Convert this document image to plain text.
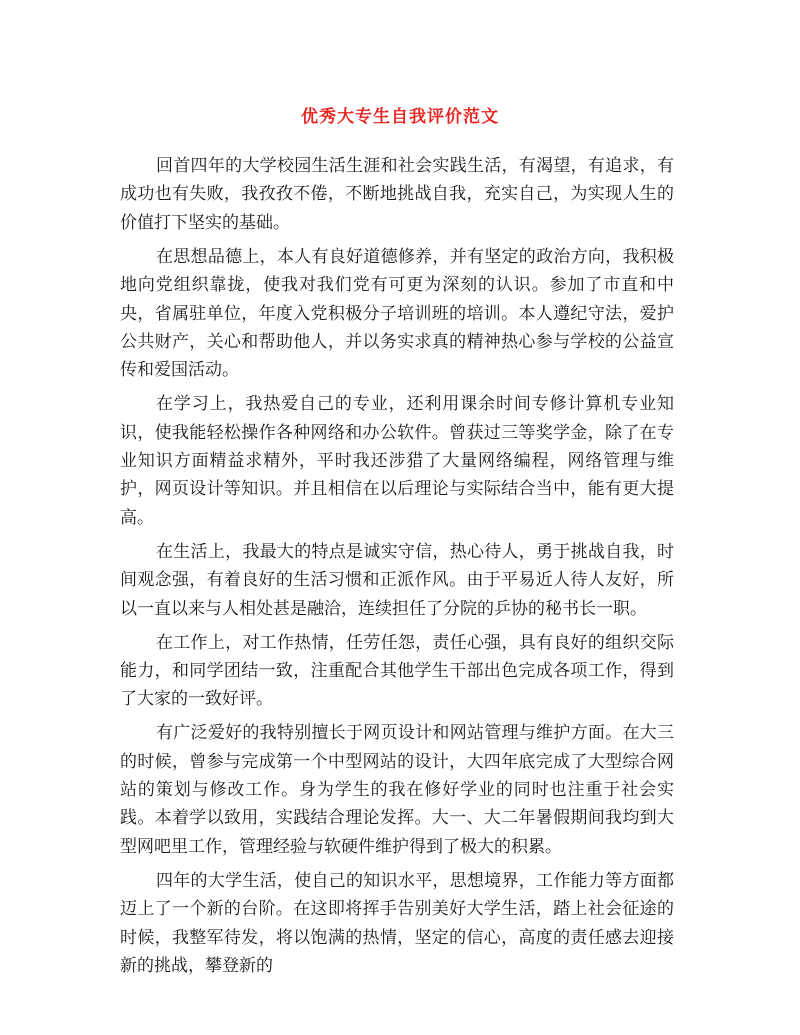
优秀大专生自我评价范文

回首四年的大学校园生活生涯和社会实践生活，有渴望，有追求，有成功也有失败，我孜孜不倦，不断地挑战自我，充实自己，为实现人生的价值打下坚实的基础。

在思想品德上，本人有良好道德修养，并有坚定的政治方向，我积极地向党组织靠拢，使我对我们党有可更为深刻的认识。参加了市直和中央，省属驻单位，年度入党积极分子培训班的培训。本人遵纪守法，爱护公共财产，关心和帮助他人，并以务实求真的精神热心参与学校的公益宣传和爱国活动。

在学习上，我热爱自己的专业，还利用课余时间专修计算机专业知识，使我能轻松操作各种网络和办公软件。曾获过三等奖学金，除了在专业知识方面精益求精外，平时我还涉猎了大量网络编程，网络管理与维护，网页设计等知识。并且相信在以后理论与实际结合当中，能有更大提高。

在生活上，我最大的特点是诚实守信，热心待人，勇于挑战自我，时间观念强，有着良好的生活习惯和正派作风。由于平易近人待人友好，所以一直以来与人相处甚是融洽，连续担任了分院的乒协的秘书长一职。

在工作上，对工作热情，任劳任怨，责任心强，具有良好的组织交际能力，和同学团结一致，注重配合其他学生干部出色完成各项工作，得到了大家的一致好评。

有广泛爱好的我特别擅长于网页设计和网站管理与维护方面。在大三的时候，曾参与完成第一个中型网站的设计，大四年底完成了大型综合网站的策划与修改工作。身为学生的我在修好学业的同时也注重于社会实践。本着学以致用，实践结合理论发挥。大一、大二年暑假期间我均到大型网吧里工作，管理经验与软硬件维护得到了极大的积累。

四年的大学生活，使自己的知识水平，思想境界，工作能力等方面都迈上了一个新的台阶。在这即将挥手告别美好大学生活，踏上社会征途的时候，我整军待发，将以饱满的热情，坚定的信心，高度的责任感去迎接新的挑战，攀登新的
